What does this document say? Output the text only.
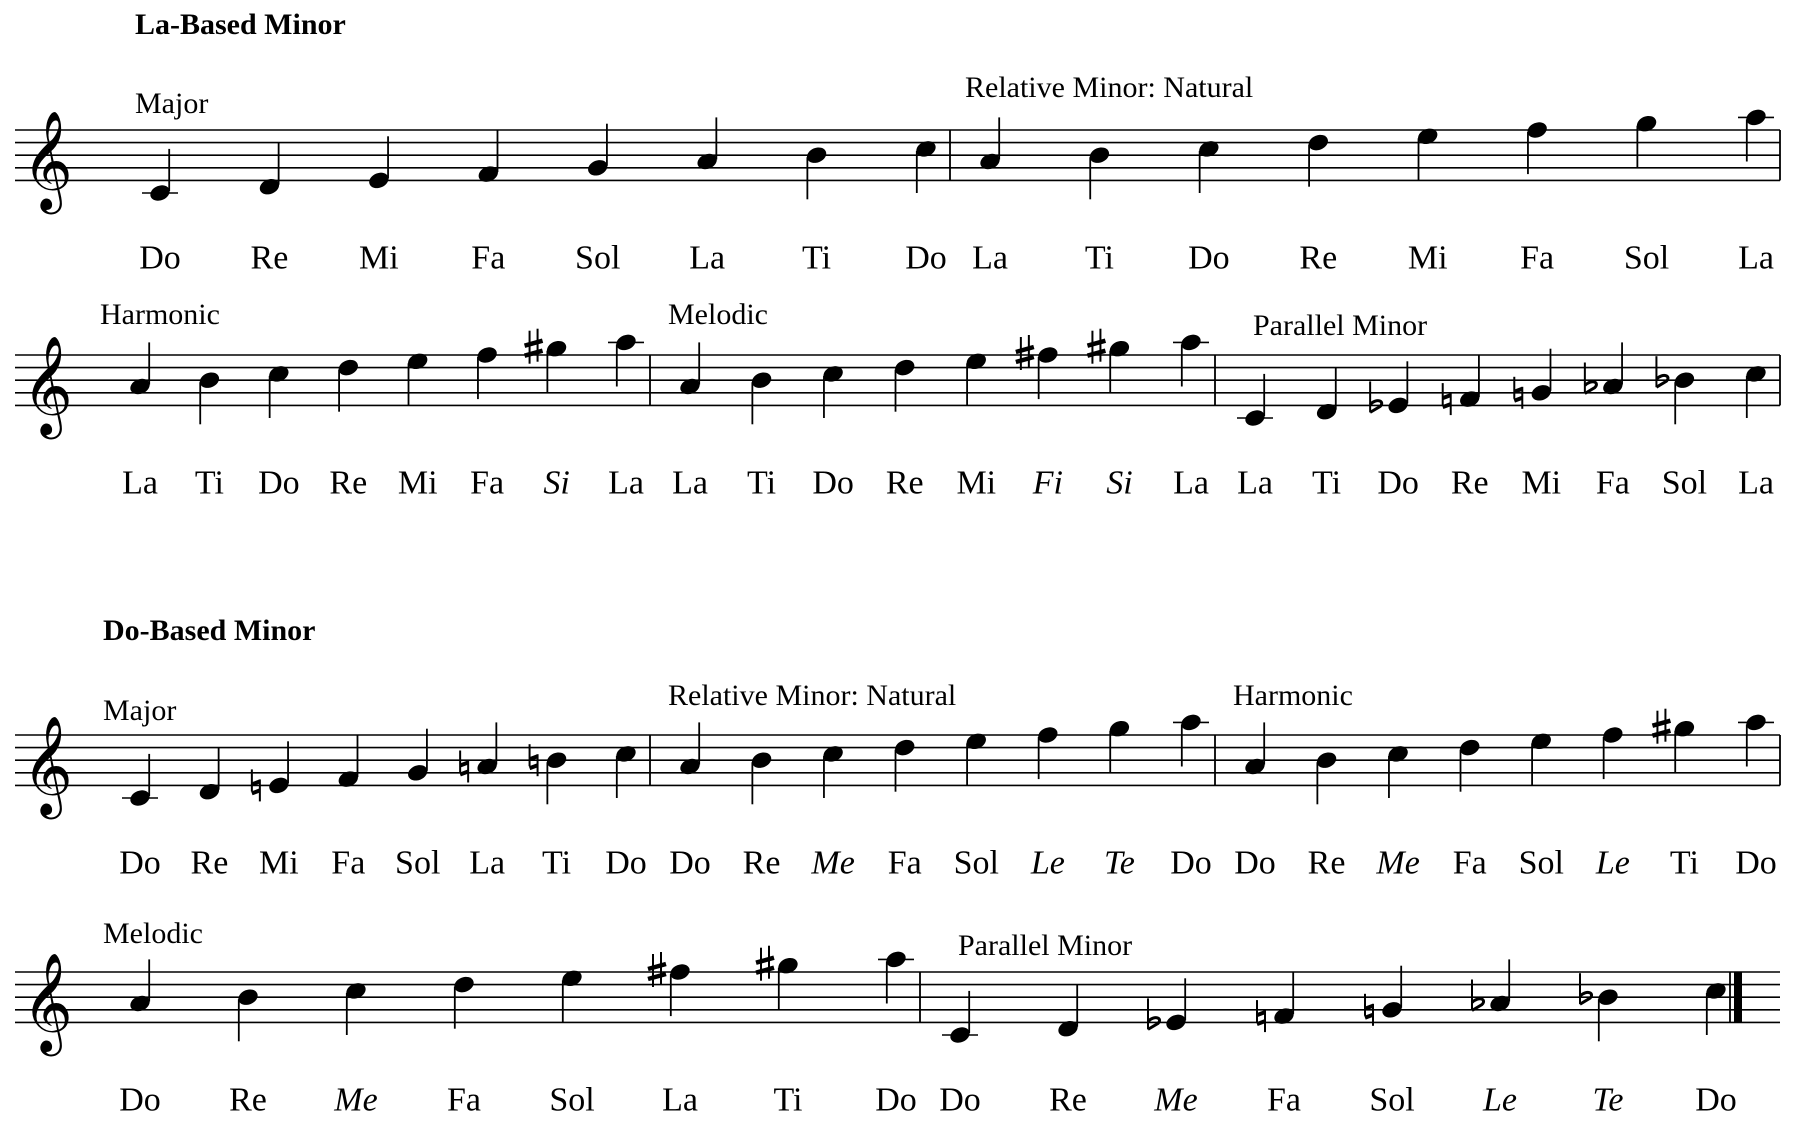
La-Based Minor
𝄞
Major
Do Re Mi Fa Sol La Ti Do
Relative Minor: Natural
La Ti Do Re Mi Fa Sol La
𝄞
Harmonic
La Ti Do Re Mi Fa Si La
Melodic
La Ti Do Re Mi Fi Si La
Parallel Minor
La Ti Do Re Mi Fa Sol La
Do-Based Minor
𝄞
Major
Do Re Mi Fa Sol La Ti Do
Relative Minor: Natural
Do Re Me Fa Sol Le Te Do
Harmonic
Do Re Me Fa Sol Le Ti Do
𝄞
Melodic
Do Re Me Fa Sol La Ti Do
Parallel Minor
Do Re Me Fa Sol Le Te Do
